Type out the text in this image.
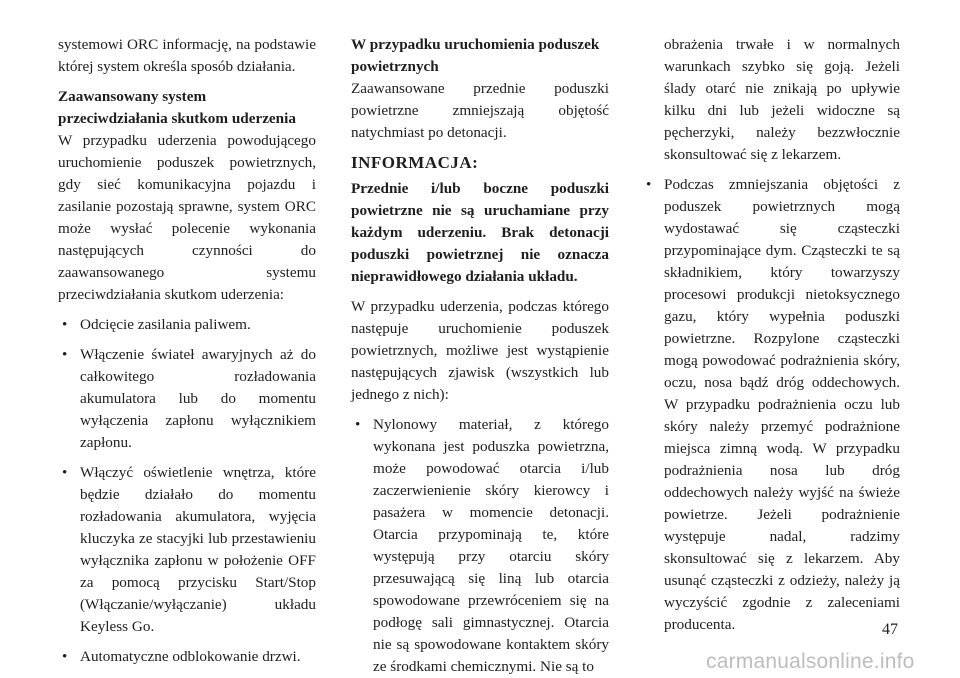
systemowi ORC informację, na podstawie której system określa sposób działania.

Zaawansowany system przeciwdziałania skutkom uderzenia

W przypadku uderzenia powodującego uruchomienie poduszek powietrznych, gdy sieć komunikacyjna pojazdu i zasilanie pozostają sprawne, system ORC może wysłać polecenie wykonania następujących czynności do zaawansowanego systemu przeciwdziałania skutkom uderzenia:

• Odcięcie zasilania paliwem.
• Włączenie świateł awaryjnych aż do całkowitego rozładowania akumulatora lub do momentu wyłączenia zapłonu wyłącznikiem zapłonu.
• Włączyć oświetlenie wnętrza, które będzie działało do momentu rozładowania akumulatora, wyjęcia kluczyka ze stacyjki lub przestawieniu wyłącznika zapłonu w położenie OFF za pomocą przycisku Start/Stop (Włączanie/wyłączanie) układu Keyless Go.
• Automatyczne odblokowanie drzwi.

W przypadku uruchomienia poduszek powietrznych

Zaawansowane przednie poduszki powietrzne zmniejszają objętość natychmiast po detonacji.

INFORMACJA:

Przednie i/lub boczne poduszki powietrzne nie są uruchamiane przy każdym uderzeniu. Brak detonacji poduszki powietrznej nie oznacza nieprawidłowego działania układu.

W przypadku uderzenia, podczas którego następuje uruchomienie poduszek powietrznych, możliwe jest wystąpienie następujących zjawisk (wszystkich lub jednego z nich):

• Nylonowy materiał, z którego wykonana jest poduszka powietrzna, może powodować otarcia i/lub zaczerwienienie skóry kierowcy i pasażera w momencie detonacji. Otarcia przypominają te, które występują przy otarciu skóry przesuwającą się liną lub otarcia spowodowane przewróceniem się na podłogę sali gimnastycznej. Otarcia nie są spowodowane kontaktem skóry ze środkami chemicznymi. Nie są to

obrażenia trwałe i w normalnych warunkach szybko się goją. Jeżeli ślady otarć nie znikają po upływie kilku dni lub jeżeli widoczne są pęcherzyki, należy bezzwłocznie skonsultować się z lekarzem.

• Podczas zmniejszania objętości z poduszek powietrznych mogą wydostawać się cząsteczki przypominające dym. Cząsteczki te są składnikiem, który towarzyszy procesowi produkcji nietoksycznego gazu, który wypełnia poduszki powietrzne. Rozpylone cząsteczki mogą powodować podrażnienia skóry, oczu, nosa bądź dróg oddechowych. W przypadku podrażnienia oczu lub skóry należy przemyć podrażnione miejsca zimną wodą. W przypadku podrażnienia nosa lub dróg oddechowych należy wyjść na świeże powietrze. Jeżeli podrażnienie występuje nadal, radzimy skonsultować się z lekarzem. Aby usunąć cząsteczki z odzieży, należy ją wyczyścić zgodnie z zaleceniami producenta.	47
carmanualsonline.info
